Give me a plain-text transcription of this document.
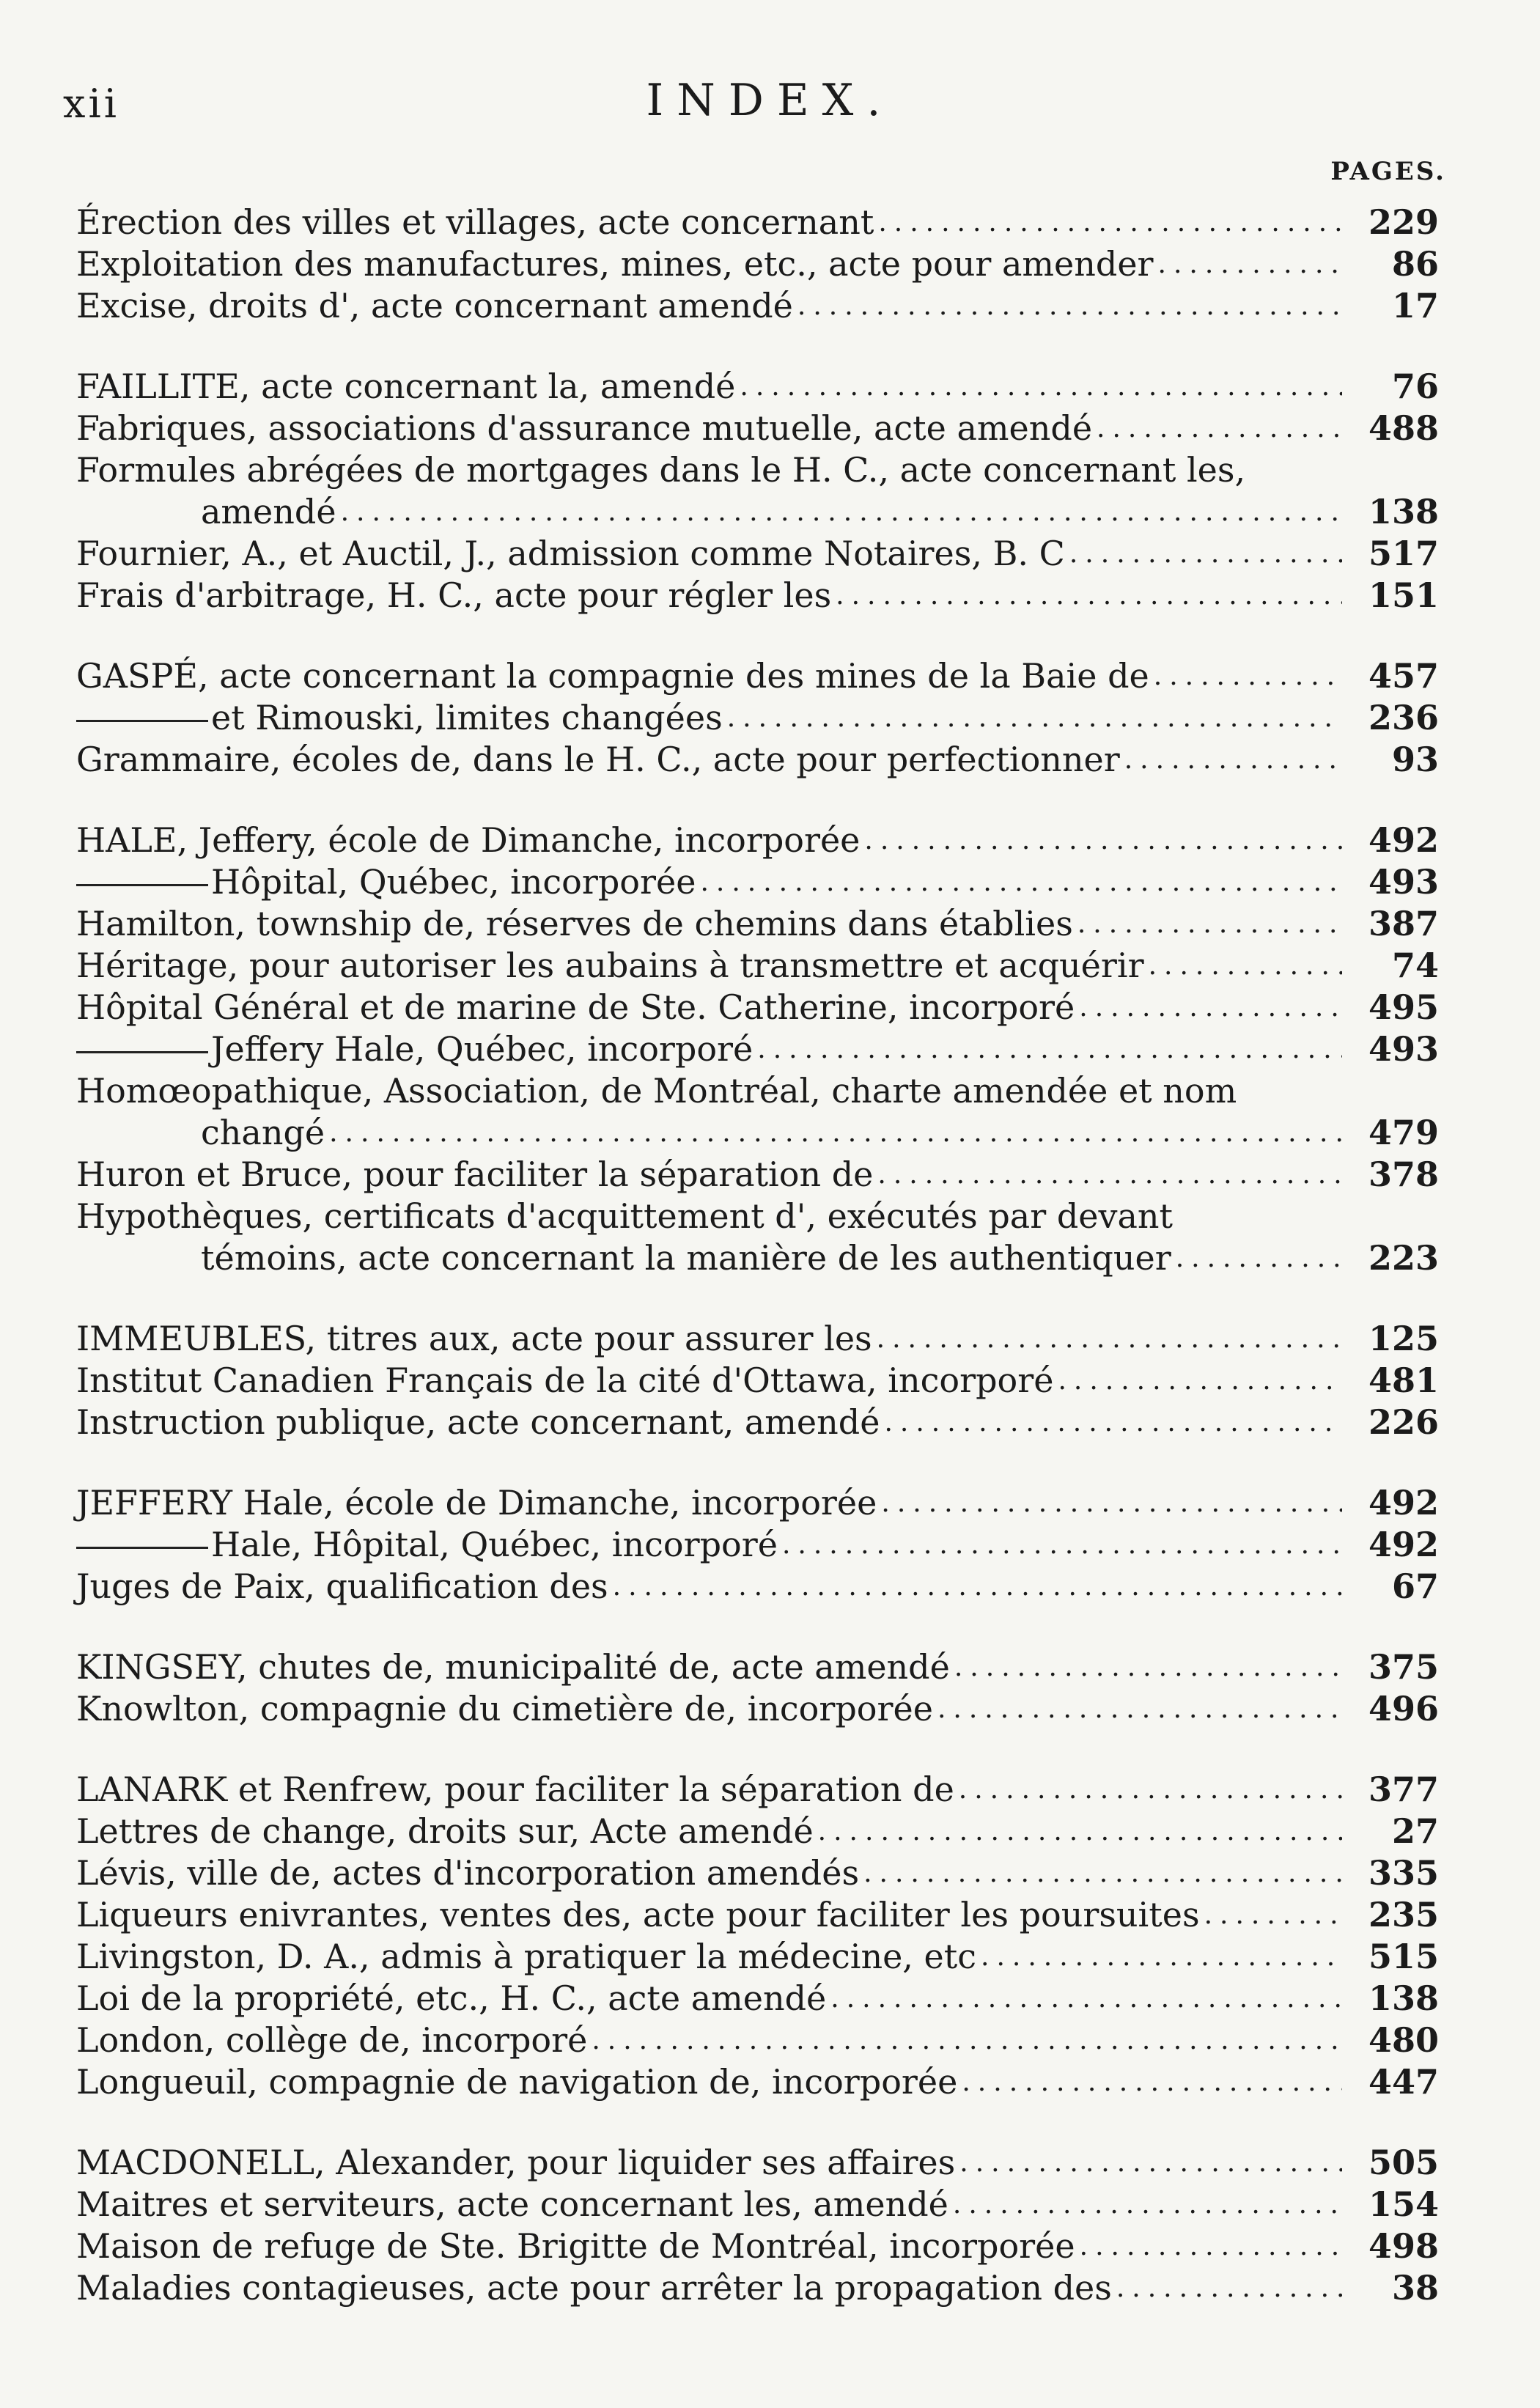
xii	INDEX.
PAGES.
Érection des villes et villages, acte concernant .....	229
Exploitation des manufactures, mines, etc., acte pour amender .....	86
Excise, droits d', acte concernant amendé .....	17
FAILLITE, acte concernant la, amendé .....	76
Fabriques, associations d'assurance mutuelle, acte amendé .....	488
Formules abrégées de mortgages dans le H. C., acte concernant les,
amendé .....	138
Fournier, A., et Auctil, J., admission comme Notaires, B. C .....	517
Frais d'arbitrage, H. C., acte pour régler les .....	151
GASPÉ, acte concernant la compagnie des mines de la Baie de .....	457
et Rimouski, limites changées .....	236
Grammaire, écoles de, dans le H. C., acte pour perfectionner .....	93
HALE, Jeffery, école de Dimanche, incorporée .....	492
Hôpital, Québec, incorporée .....	493
Hamilton, township de, réserves de chemins dans établies .....	387
Héritage, pour autoriser les aubains à transmettre et acquérir .....	74
Hôpital Général et de marine de Ste. Catherine, incorporé .....	495
Jeffery Hale, Québec, incorporé .....	493
Homœopathique, Association, de Montréal, charte amendée et nom
changé .....	479
Huron et Bruce, pour faciliter la séparation de .....	378
Hypothèques, certificats d'acquittement d', exécutés par devant
témoins, acte concernant la manière de les authentiquer .....	223
IMMEUBLES, titres aux, acte pour assurer les .....	125
Institut Canadien Français de la cité d'Ottawa, incorporé .....	481
Instruction publique, acte concernant, amendé .....	226
JEFFERY Hale, école de Dimanche, incorporée .....	492
Hale, Hôpital, Québec, incorporé .....	492
Juges de Paix, qualification des .....	67
KINGSEY, chutes de, municipalité de, acte amendé .....	375
Knowlton, compagnie du cimetière de, incorporée .....	496
LANARK et Renfrew, pour faciliter la séparation de .....	377
Lettres de change, droits sur, Acte amendé .....	27
Lévis, ville de, actes d'incorporation amendés .....	335
Liqueurs enivrantes, ventes des, acte pour faciliter les poursuites .....	235
Livingston, D. A., admis à pratiquer la médecine, etc .....	515
Loi de la propriété, etc., H. C., acte amendé .....	138
London, collège de, incorporé .....	480
Longueuil, compagnie de navigation de, incorporée .....	447
MACDONELL, Alexander, pour liquider ses affaires .....	505
Maitres et serviteurs, acte concernant les, amendé .....	154
Maison de refuge de Ste. Brigitte de Montréal, incorporée .....	498
Maladies contagieuses, acte pour arrêter la propagation des .....	38
